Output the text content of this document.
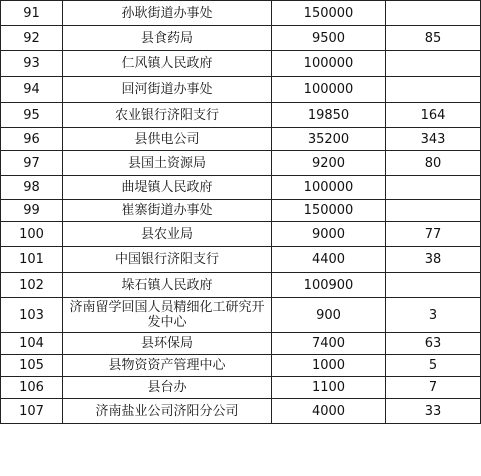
91	孙耿街道办事处	150000	
92	县食药局	9500	85
93	仁风镇人民政府	100000	
94	回河街道办事处	100000	
95	农业银行济阳支行	19850	164
96	县供电公司	35200	343
97	县国土资源局	9200	80
98	曲堤镇人民政府	100000	
99	崔寨街道办事处	150000	
100	县农业局	9000	77
101	中国银行济阳支行	4400	38
102	垛石镇人民政府	100900	
103	济南留学回国人员精细化工研究开发中心	900	3
104	县环保局	7400	63
105	县物资资产管理中心	1000	5
106	县台办	1100	7
107	济南盐业公司济阳分公司	4000	33
